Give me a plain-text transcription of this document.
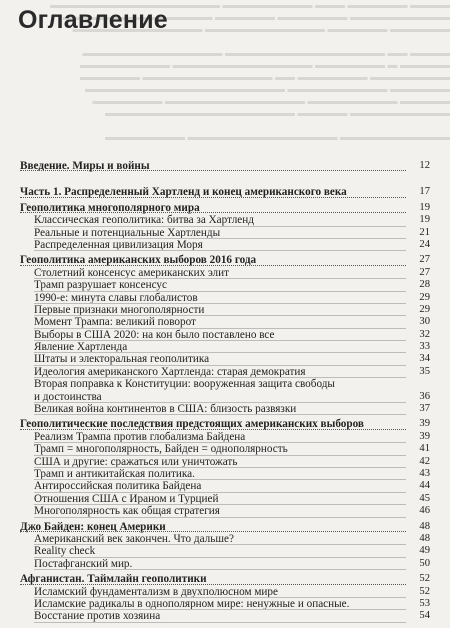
▬▬▬▬ ▬▬▬▬▬▬ ▬▬▬ ▬▬▬▬▬▬▬▬▬ ▬▬▬▬▬▬▬▬▬▬▬▬▬▬▬▬▬
▬▬▬▬▬▬▬▬▬▬ ▬▬▬▬▬▬▬ ▬▬▬▬▬▬ ▬▬▬▬▬▬▬▬▬▬▬▬▬▬▬
▬▬▬▬▬▬ ▬▬▬▬▬▬ ▬▬▬▬▬▬▬▬▬▬▬▬ ▬▬▬▬▬▬▬▬▬▬▬▬▬

▬▬▬▬ ▬▬ ▬▬▬▬▬▬▬▬▬▬▬▬▬▬▬▬ ▬▬▬▬▬▬▬▬▬▬▬▬▬▬
▬▬▬▬▬ ▬ ▬▬▬▬▬▬▬ ▬▬▬▬▬▬▬▬▬▬▬▬▬▬ ▬▬▬▬▬▬▬▬▬
▬▬▬▬▬▬▬▬ ▬▬▬▬▬▬▬ ▬▬ ▬▬▬▬▬▬▬▬▬▬▬▬▬ ▬▬▬▬▬▬
▬▬▬▬▬▬ ▬▬▬▬▬▬▬▬▬▬ ▬▬▬▬▬▬▬▬▬▬▬▬▬▬▬▬▬▬▬▬
▬▬▬▬▬ ▬▬▬▬▬▬▬▬▬ ▬▬▬▬▬▬▬▬▬▬▬▬▬▬ ▬▬▬▬▬▬▬
▬▬▬▬▬▬▬▬▬▬ ▬▬▬▬▬ ▬▬▬▬▬▬▬▬▬▬▬▬▬▬▬▬▬▬▬

▬▬▬▬▬▬▬▬▬▬▬ ▬▬▬▬▬▬▬▬▬▬▬▬▬▬▬ ▬▬▬▬▬▬▬▬
Оглавление
Введение. Миры и войны	12
Часть 1. Распределенный Хартленд и конец американского века	17
Геополитика многополярного мира	19
Классическая геополитика: битва за Хартленд	19
Реальные и потенциальные Хартленды	21
Распределенная цивилизация Моря	24
Геополитика американских выборов 2016 года	27
Столетний консенсус американских элит	27
Трамп разрушает консенсус	28
1990-е: минута славы глобалистов	29
Первые признаки многополярности	29
Момент Трампа: великий поворот	30
Выборы в США 2020: на кон было поставлено все	32
Явление Хартленда	33
Штаты и электоральная геополитика	34
Идеология американского Хартленда: старая демократия	35
Вторая поправка к Конституции: вооруженная защита свободы
и достоинства	36
Великая война континентов в США: близость развязки	37
Геополитические последствия предстоящих американских выборов	39
Реализм Трампа против глобализма Байдена	39
Трамп = многополярность, Байден = однополярность	41
США и другие: сражаться или уничтожать	42
Трамп и антикитайская политика.	43
Антироссийская политика Байдена	44
Отношения США с Ираном и Турцией	45
Многополярность как общая стратегия	46
Джо Байден: конец Америки	48
Американский век закончен. Что дальше?	48
Reality check	49
Постафганский мир.	50
Афганистан. Таймлайн геополитики	52
Исламский фундаментализм в двухполюсном мире	52
Исламские радикалы в однополярном мире: ненужные и опасные.	53
Восстание против хозяина	54
